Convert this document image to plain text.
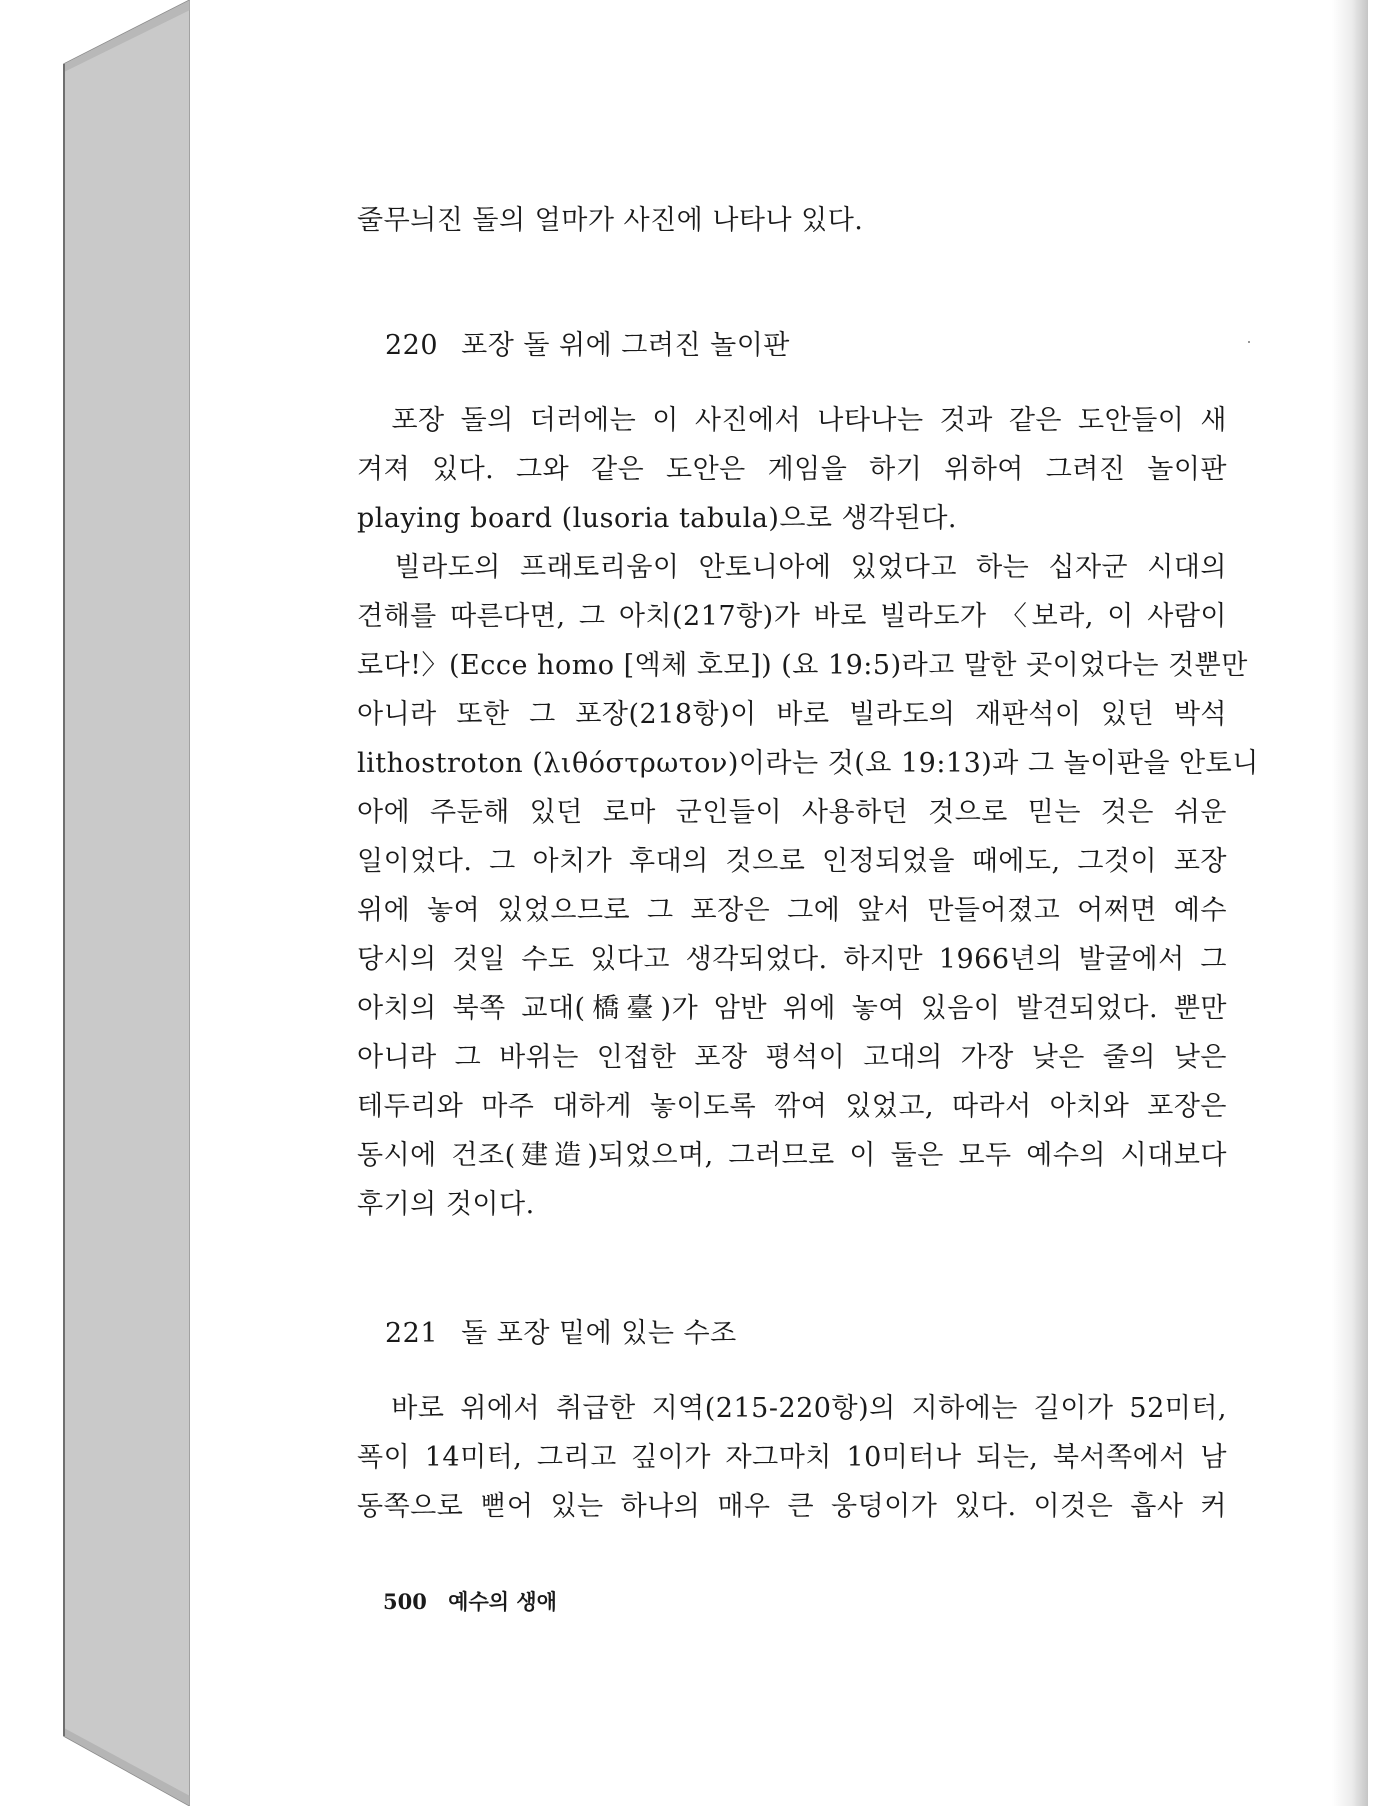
줄무늬진 돌의 얼마가 사진에 나타나 있다.
220 포장 돌 위에 그려진 놀이판
　포장 돌의 더러에는 이 사진에서 나타나는 것과 같은 도안들이 새
겨져 있다. 그와 같은 도안은 게임을 하기 위하여 그려진 놀이판
playing board (lusoria tabula)으로 생각된다.
　빌라도의 프래토리움이 안토니아에 있었다고 하는 십자군 시대의
견해를 따른다면, 그 아치(217항)가 바로 빌라도가 〈보라, 이 사람이
로다!〉(Ecce homo [엑체 호모]) (요 19:5)라고 말한 곳이었다는 것뿐만
아니라 또한 그 포장(218항)이 바로 빌라도의 재판석이 있던 박석
lithostroton (λιθόστρωτον)이라는 것(요 19:13)과 그 놀이판을 안토니
아에 주둔해 있던 로마 군인들이 사용하던 것으로 믿는 것은 쉬운
일이었다. 그 아치가 후대의 것으로 인정되었을 때에도, 그것이 포장
위에 놓여 있었으므로 그 포장은 그에 앞서 만들어졌고 어쩌면 예수
당시의 것일 수도 있다고 생각되었다. 하지만 1966년의 발굴에서 그
아치의 북쪽 교대(橋臺)가 암반 위에 놓여 있음이 발견되었다. 뿐만
아니라 그 바위는 인접한 포장 평석이 고대의 가장 낮은 줄의 낮은
테두리와 마주 대하게 놓이도록 깎여 있었고, 따라서 아치와 포장은
동시에 건조(建造)되었으며, 그러므로 이 둘은 모두 예수의 시대보다
후기의 것이다.
221 돌 포장 밑에 있는 수조
　바로 위에서 취급한 지역(215-220항)의 지하에는 길이가 52미터,
폭이 14미터, 그리고 깊이가 자그마치 10미터나 되는, 북서쪽에서 남
동쪽으로 뻗어 있는 하나의 매우 큰 웅덩이가 있다. 이것은 흡사 커
500 예수의 생애
